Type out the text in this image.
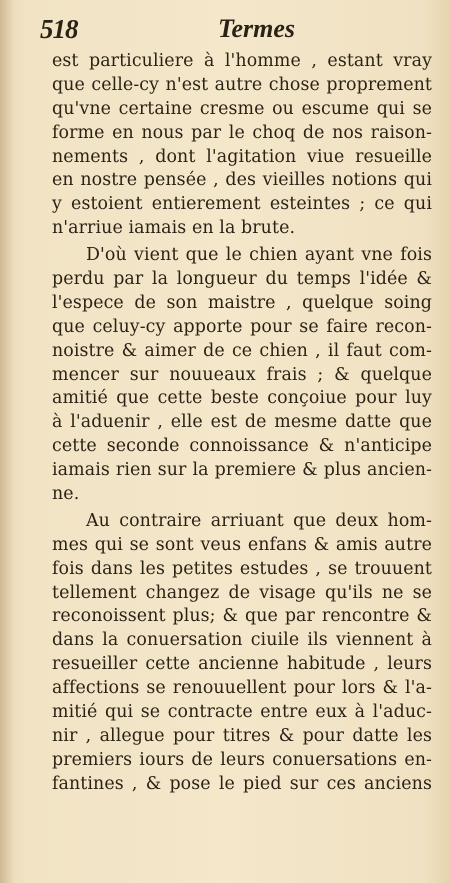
518	Termes
est particuliere à l'homme , estant vray
que celle-cy n'est autre chose proprement
qu'vne certaine cresme ou escume qui se
forme en nous par le choq de nos raison-
nements , dont l'agitation viue resueille
en nostre pensée , des vieilles notions qui
y estoient entierement esteintes ; ce qui
n'arriue iamais en la brute.
D'où vient que le chien ayant vne fois
perdu par la longueur du temps l'idée &
l'espece de son maistre , quelque soing
que celuy-cy apporte pour se faire recon-
noistre & aimer de ce chien , il faut com-
mencer sur nouueaux frais ; & quelque
amitié que cette beste conçoiue pour luy
à l'aduenir , elle est de mesme datte que
cette seconde connoissance & n'anticipe
iamais rien sur la premiere & plus ancien-
ne.
Au contraire arriuant que deux hom-
mes qui se sont veus enfans & amis autre
fois dans les petites estudes , se trouuent
tellement changez de visage qu'ils ne se
reconoissent plus; & que par rencontre &
dans la conuersation ciuile ils viennent à
resueiller cette ancienne habitude , leurs
affections se renouuellent pour lors & l'a-
mitié qui se contracte entre eux à l'aduc-
nir , allegue pour titres & pour datte les
premiers iours de leurs conuersations en-
fantines , & pose le pied sur ces anciens
